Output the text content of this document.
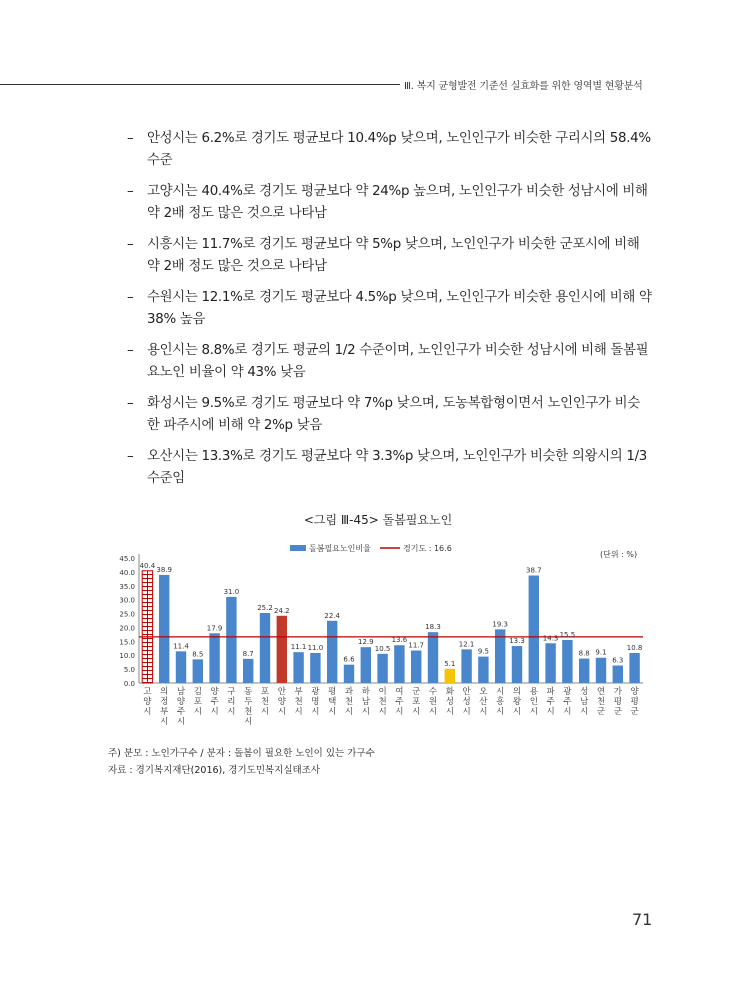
Ⅲ. 복지 균형발전 기준선 실효화를 위한 영역별 현황분석
– 안성시는 6.2%로 경기도 평균보다 10.4%p 낮으며, 노인인구가 비슷한 구리시의 58.4% 수준
– 고양시는 40.4%로 경기도 평균보다 약 24%p 높으며, 노인인구가 비슷한 성남시에 비해 약 2배 정도 많은 것으로 나타남
– 시흥시는 11.7%로 경기도 평균보다 약 5%p 낮으며, 노인인구가 비슷한 군포시에 비해 약 2배 정도 많은 것으로 나타남
– 수원시는 12.1%로 경기도 평균보다 4.5%p 낮으며, 노인인구가 비슷한 용인시에 비해 약 38% 높음
– 용인시는 8.8%로 경기도 평균의 1/2 수준이며, 노인인구가 비슷한 성남시에 비해 돌봄필요노인 비율이 약 43% 낮음
– 화성시는 9.5%로 경기도 평균보다 약 7%p 낮으며, 도농복합형이면서 노인인구가 비슷한 파주시에 비해 약 2%p 낮음
– 오산시는 13.3%로 경기도 평균보다 약 3.3%p 낮으며, 노인인구가 비슷한 의왕시의 1/3 수준임
<그림 Ⅲ-45> 돌봄필요노인
0.0
5.0
10.0
15.0
20.0
25.0
30.0
35.0
40.0
45.0
40.4
38.9
11.4
8.5
17.9
31.0
8.7
25.2 24.2
11.1 11.0
22.4
6.6
12.9
10.5
13.6
11.7
18.3
5.1
12.1
9.5
19.3
13.3
38.7
14.3 15.5
8.8 9.1
6.3
10.8
고 양 시
의 정 부 시
남 양 주 시
김 포 시
양 주 시
구 리 시
동 두 천 시
포 천 시
안 양 시
부 천 시
광 명 시
평 택 시
과 천 시
하 남 시
이 천 시
여 주 시
군 포 시
수 원 시
화 성 시
안 성 시
오 산 시
시 흥 시
의 왕 시
용 인 시
파 주 시
광 주 시
성 남 시
연 천 군
가 평 군
양 평 군
돌봄필요노인비율	경기도 : 16.6
(단위 : %)
주) 분모 : 노인가구수 / 분자 : 돌봄이 필요한 노인이 있는 가구수
자료 : 경기복지재단(2016), 경기도민복지실태조사
71
